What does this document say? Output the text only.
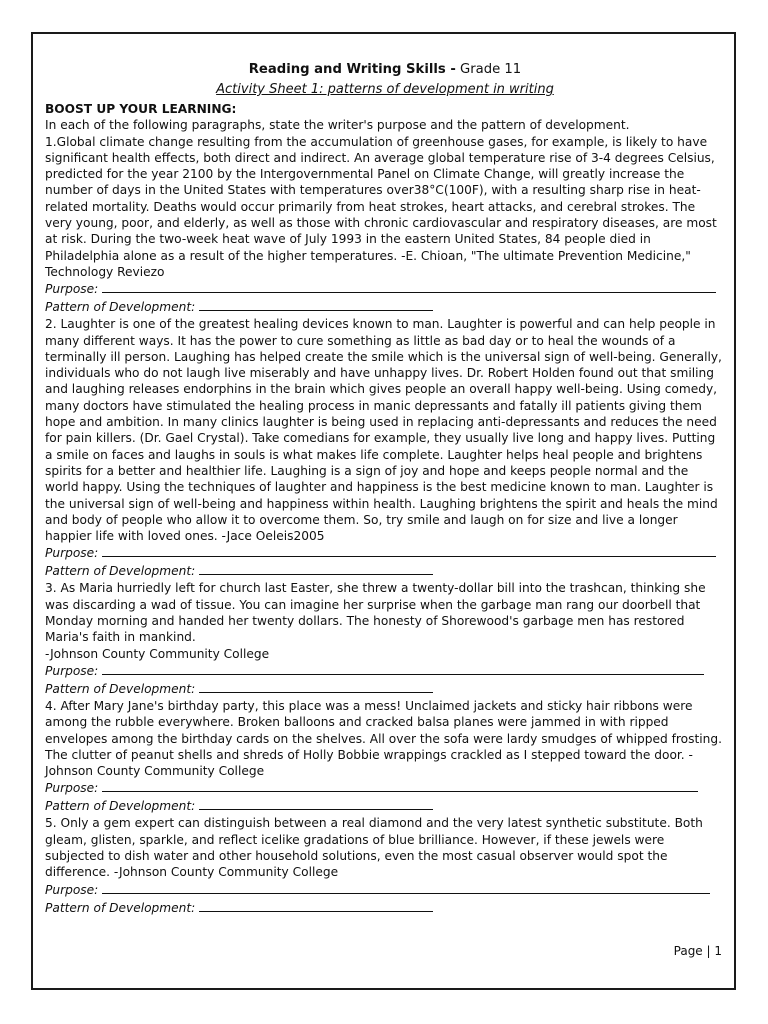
Reading and Writing Skills - Grade 11
Activity Sheet 1: patterns of development in writing
BOOST UP YOUR LEARNING:

In each of the following paragraphs, state the writer's purpose and the pattern of development.

1.Global climate change resulting from the accumulation of greenhouse gases, for example, is likely to have significant health effects, both direct and indirect. An average global temperature rise of 3-4 degrees Celsius, predicted for the year 2100 by the Intergovernmental Panel on Climate Change, will greatly increase the number of days in the United States with temperatures over38°C(100F), with a resulting sharp rise in heat-related mortality. Deaths would occur primarily from heat strokes, heart attacks, and cerebral strokes. The very young, poor, and elderly, as well as those with chronic cardiovascular and respiratory diseases, are most at risk. During the two-week heat wave of July 1993 in the eastern United States, 84 people died in Philadelphia alone as a result of the higher temperatures. -E. Chioan, "The ultimate Prevention Medicine," Technology Reviezo

Purpose:
Pattern of Development:

2. Laughter is one of the greatest healing devices known to man. Laughter is powerful and can help people in many different ways. It has the power to cure something as little as bad day or to heal the wounds of a terminally ill person. Laughing has helped create the smile which is the universal sign of well-being. Generally, individuals who do not laugh live miserably and have unhappy lives. Dr. Robert Holden found out that smiling and laughing releases endorphins in the brain which gives people an overall happy well-being. Using comedy, many doctors have stimulated the healing process in manic depressants and fatally ill patients giving them hope and ambition. In many clinics laughter is being used in replacing anti-depressants and reduces the need for pain killers. (Dr. Gael Crystal). Take comedians for example, they usually live long and happy lives. Putting a smile on faces and laughs in souls is what makes life complete. Laughter helps heal people and brightens spirits for a better and healthier life. Laughing is a sign of joy and hope and keeps people normal and the world happy. Using the techniques of laughter and happiness is the best medicine known to man. Laughter is the universal sign of well-being and happiness within health. Laughing brightens the spirit and heals the mind and body of people who allow it to overcome them. So, try smile and laugh on for size and live a longer happier life with loved ones. -Jace Oeleis2005

Purpose:
Pattern of Development:

3. As Maria hurriedly left for church last Easter, she threw a twenty-dollar bill into the trashcan, thinking she was discarding a wad of tissue. You can imagine her surprise when the garbage man rang our doorbell that Monday morning and handed her twenty dollars. The honesty of Shorewood's garbage men has restored Maria's faith in mankind.

-Johnson County Community College

Purpose:
Pattern of Development:

4. After Mary Jane's birthday party, this place was a mess! Unclaimed jackets and sticky hair ribbons were among the rubble everywhere. Broken balloons and cracked balsa planes were jammed in with ripped envelopes among the birthday cards on the shelves. All over the sofa were lardy smudges of whipped frosting. The clutter of peanut shells and shreds of Holly Bobbie wrappings crackled as I stepped toward the door. -Johnson County Community College

Purpose:
Pattern of Development:

5. Only a gem expert can distinguish between a real diamond and the very latest synthetic substitute. Both gleam, glisten, sparkle, and reflect icelike gradations of blue brilliance. However, if these jewels were subjected to dish water and other household solutions, even the most casual observer would spot the difference. -Johnson County Community College

Purpose:
Pattern of Development:
Page | 1
